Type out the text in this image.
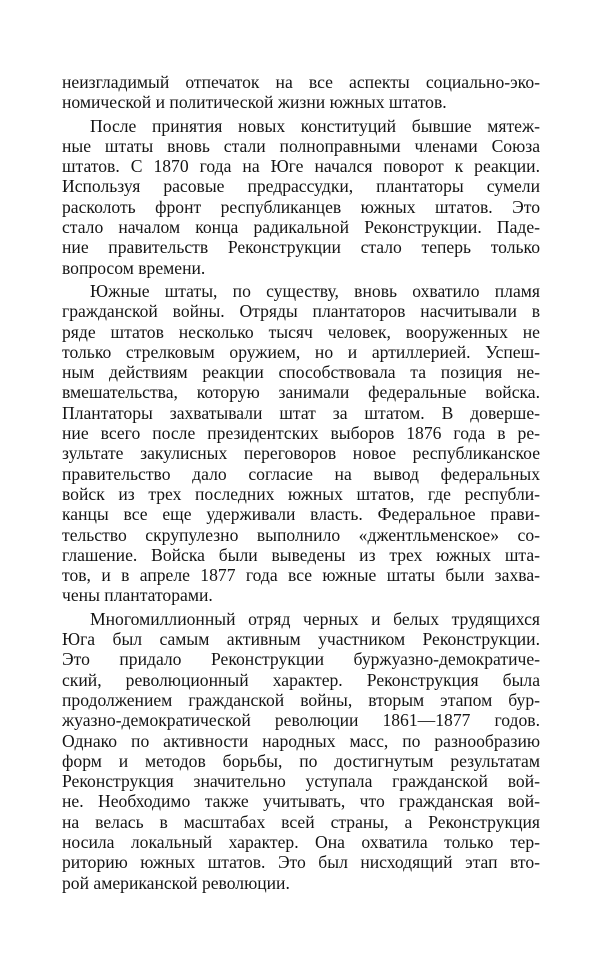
неизгладимый отпечаток на все аспекты социально-эко-
номической и политической жизни южных штатов.

После принятия новых конституций бывшие мятеж-
ные штаты вновь стали полноправными членами Союза
штатов. С 1870 года на Юге начался поворот к реакции.
Используя расовые предрассудки, плантаторы сумели
расколоть фронт республиканцев южных штатов. Это
стало началом конца радикальной Реконструкции. Паде-
ние правительств Реконструкции стало теперь только
вопросом времени.

Южные штаты, по существу, вновь охватило пламя
гражданской войны. Отряды плантаторов насчитывали в
ряде штатов несколько тысяч человек, вооруженных не
только стрелковым оружием, но и артиллерией. Успеш-
ным действиям реакции способствовала та позиция не-
вмешательства, которую занимали федеральные войска.
Плантаторы захватывали штат за штатом. В доверше-
ние всего после президентских выборов 1876 года в ре-
зультате закулисных переговоров новое республиканское
правительство дало согласие на вывод федеральных
войск из трех последних южных штатов, где республи-
канцы все еще удерживали власть. Федеральное прави-
тельство скрупулезно выполнило «джентльменское» со-
глашение. Войска были выведены из трех южных шта-
тов, и в апреле 1877 года все южные штаты были захва-
чены плантаторами.

Многомиллионный отряд черных и белых трудящихся
Юга был самым активным участником Реконструкции.
Это придало Реконструкции буржуазно-демократиче-
ский, революционный характер. Реконструкция была
продолжением гражданской войны, вторым этапом бур-
жуазно-демократической революции 1861—1877 годов.
Однако по активности народных масс, по разнообразию
форм и методов борьбы, по достигнутым результатам
Реконструкция значительно уступала гражданской вой-
не. Необходимо также учитывать, что гражданская вой-
на велась в масштабах всей страны, а Реконструкция
носила локальный характер. Она охватила только тер-
риторию южных штатов. Это был нисходящий этап вто-
рой американской революции.
